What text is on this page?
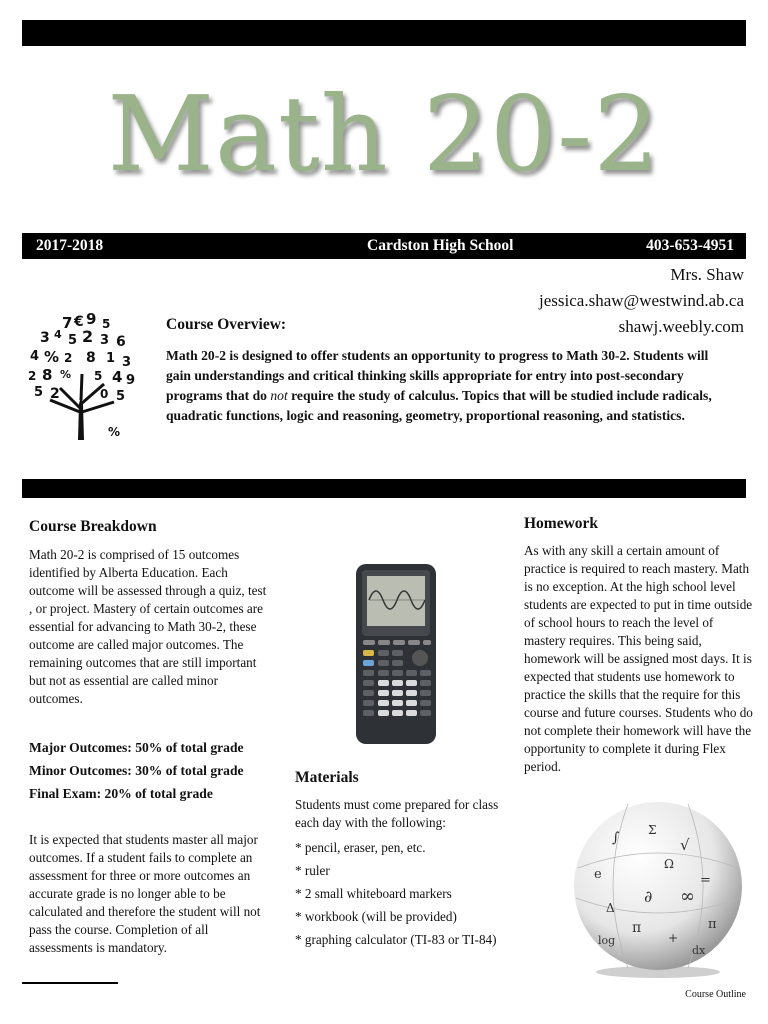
Math 20-2
2017-2018	Cardston High School	403-653-4951
Mrs. Shaw
jessica.shaw@westwind.ab.ca
shawj.weebly.com
7 € 9 5
3 4 5 2 3 6
4 % 2 8 1 3
2 8 % 5 4 9
5 2	0 5
%
Course Overview:
Math 20-2 is designed to offer students an opportunity to progress to Math 30-2. Students will gain understandings and critical thinking skills appropriate for entry into post-secondary programs that do not require the study of calculus. Topics that will be studied include radicals, quadratic functions, logic and reasoning, geometry, proportional reasoning, and statistics.
Course Breakdown
Math 20-2 is comprised of 15 outcomes identified by Alberta Education. Each outcome will be assessed through a quiz, test , or project. Mastery of certain outcomes are essential for advancing to Math 30-2, these outcome are called major outcomes. The remaining outcomes that are still important but not as essential are called minor outcomes.
Major Outcomes: 50% of total grade
Minor Outcomes: 30% of total grade
Final Exam: 20% of total grade
It is expected that students master all major outcomes. If a student fails to complete an assessment for three or more outcomes an accurate grade is no longer able to be calculated and therefore the student will not pass the course. Completion of all assessments is mandatory.
Materials
Students must come prepared for class each day with the following:
* pencil, eraser, pen, etc.
* ruler
* 2 small whiteboard markers
* workbook (will be provided)
* graphing calculator (TI-83 or TI-84)
Homework
As with any skill a certain amount of practice is required to reach mastery. Math is no exception. At the high school level students are expected to put in time outside of school hours to reach the level of mastery requires. This being said, homework will be assigned most days. It is expected that students use homework to practice the skills that the require for this course and future courses. Students who do not complete their homework will have the opportunity to complete it during Flex period.
∫ Σ
√
e
Ω
=
Δ
∂ ∞
π
+
π
log
dx
Course Outline
